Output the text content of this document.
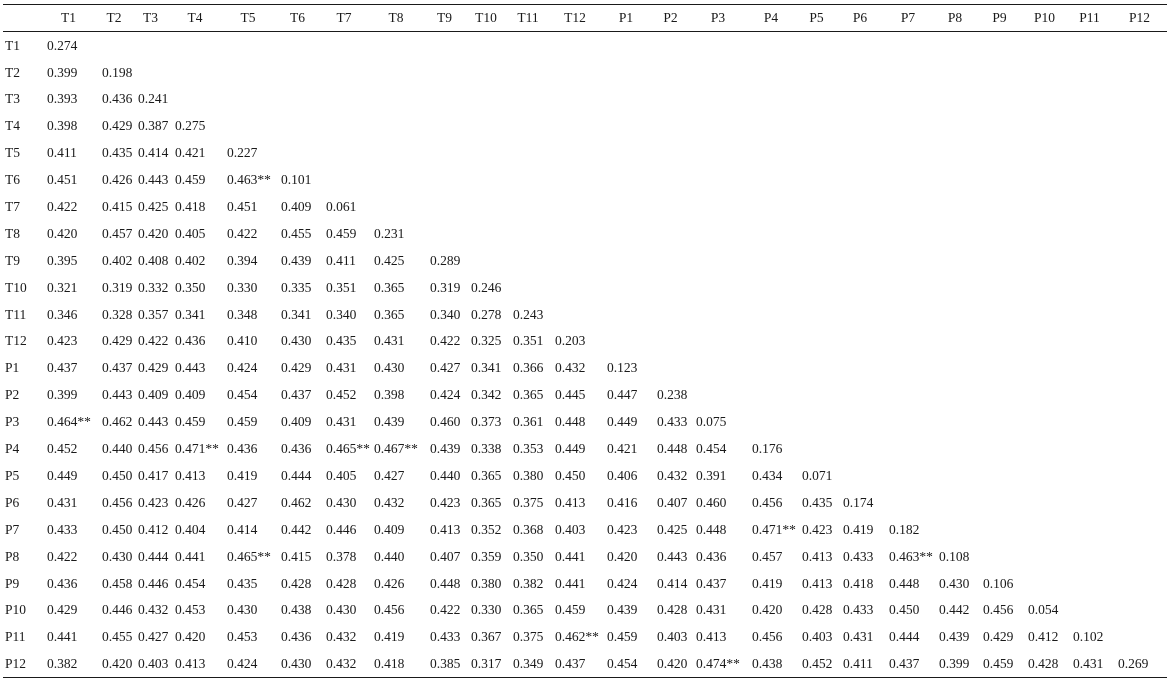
	T1	T2	T3	T4	T5	T6	T7	T8	T9	T10	T11	T12	P1	P2	P3	P4	P5	P6	P7	P8	P9	P10	P11	P12
T1	0.274																							
T2	0.399	0.198																						
T3	0.393	0.436	0.241																					
T4	0.398	0.429	0.387	0.275																				
T5	0.411	0.435	0.414	0.421	0.227																			
T6	0.451	0.426	0.443	0.459	0.463**	0.101																		
T7	0.422	0.415	0.425	0.418	0.451	0.409	0.061																	
T8	0.420	0.457	0.420	0.405	0.422	0.455	0.459	0.231																
T9	0.395	0.402	0.408	0.402	0.394	0.439	0.411	0.425	0.289															
T10	0.321	0.319	0.332	0.350	0.330	0.335	0.351	0.365	0.319	0.246														
T11	0.346	0.328	0.357	0.341	0.348	0.341	0.340	0.365	0.340	0.278	0.243													
T12	0.423	0.429	0.422	0.436	0.410	0.430	0.435	0.431	0.422	0.325	0.351	0.203												
P1	0.437	0.437	0.429	0.443	0.424	0.429	0.431	0.430	0.427	0.341	0.366	0.432	0.123											
P2	0.399	0.443	0.409	0.409	0.454	0.437	0.452	0.398	0.424	0.342	0.365	0.445	0.447	0.238										
P3	0.464**	0.462	0.443	0.459	0.459	0.409	0.431	0.439	0.460	0.373	0.361	0.448	0.449	0.433	0.075									
P4	0.452	0.440	0.456	0.471**	0.436	0.436	0.465**	0.467**	0.439	0.338	0.353	0.449	0.421	0.448	0.454	0.176								
P5	0.449	0.450	0.417	0.413	0.419	0.444	0.405	0.427	0.440	0.365	0.380	0.450	0.406	0.432	0.391	0.434	0.071							
P6	0.431	0.456	0.423	0.426	0.427	0.462	0.430	0.432	0.423	0.365	0.375	0.413	0.416	0.407	0.460	0.456	0.435	0.174						
P7	0.433	0.450	0.412	0.404	0.414	0.442	0.446	0.409	0.413	0.352	0.368	0.403	0.423	0.425	0.448	0.471**	0.423	0.419	0.182					
P8	0.422	0.430	0.444	0.441	0.465**	0.415	0.378	0.440	0.407	0.359	0.350	0.441	0.420	0.443	0.436	0.457	0.413	0.433	0.463**	0.108				
P9	0.436	0.458	0.446	0.454	0.435	0.428	0.428	0.426	0.448	0.380	0.382	0.441	0.424	0.414	0.437	0.419	0.413	0.418	0.448	0.430	0.106			
P10	0.429	0.446	0.432	0.453	0.430	0.438	0.430	0.456	0.422	0.330	0.365	0.459	0.439	0.428	0.431	0.420	0.428	0.433	0.450	0.442	0.456	0.054		
P11	0.441	0.455	0.427	0.420	0.453	0.436	0.432	0.419	0.433	0.367	0.375	0.462**	0.459	0.403	0.413	0.456	0.403	0.431	0.444	0.439	0.429	0.412	0.102	
P12	0.382	0.420	0.403	0.413	0.424	0.430	0.432	0.418	0.385	0.317	0.349	0.437	0.454	0.420	0.474**	0.438	0.452	0.411	0.437	0.399	0.459	0.428	0.431	0.269
